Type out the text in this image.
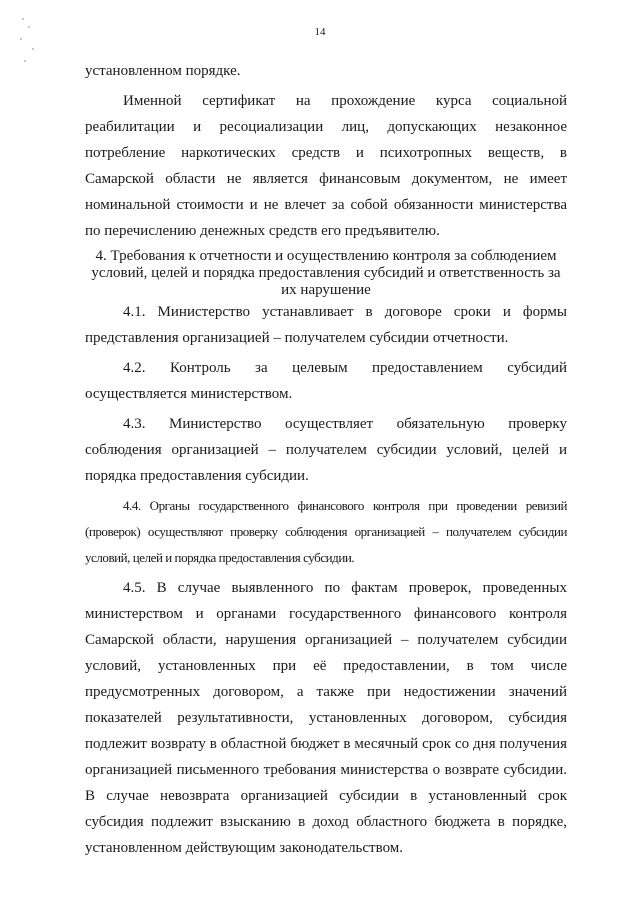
14

установленном порядке.

Именной сертификат на прохождение курса социальной реабилитации и ресоциализации лиц, допускающих незаконное потребление наркотических средств и психотропных веществ, в Самарской области не является финансовым документом, не имеет номинальной стоимости и не влечет за собой обязанности министерства по перечислению денежных средств его предъявителю.

4. Требования к отчетности и осуществлению контроля за соблюдением условий, целей и порядка предоставления субсидий и ответственность за их нарушение

4.1. Министерство устанавливает в договоре сроки и формы представления организацией – получателем субсидии отчетности.

4.2. Контроль за целевым предоставлением субсидий осуществляется министерством.

4.3. Министерство осуществляет обязательную проверку соблюдения организацией – получателем субсидии условий, целей и порядка предоставления субсидии.

4.4. Органы государственного финансового контроля при проведении ревизий (проверок) осуществляют проверку соблюдения организацией – получателем субсидии условий, целей и порядка предоставления субсидии.

4.5. В случае выявленного по фактам проверок, проведенных министерством и органами государственного финансового контроля Самарской области, нарушения организацией – получателем субсидии условий, установленных при её предоставлении, в том числе предусмотренных договором, а также при недостижении значений показателей результативности, установленных договором, субсидия подлежит возврату в областной бюджет в месячный срок со дня получения организацией письменного требования министерства о возврате субсидии. В случае невозврата организацией субсидии в установленный срок субсидия подлежит взысканию в доход областного бюджета в порядке, установленном действующим законодательством.
